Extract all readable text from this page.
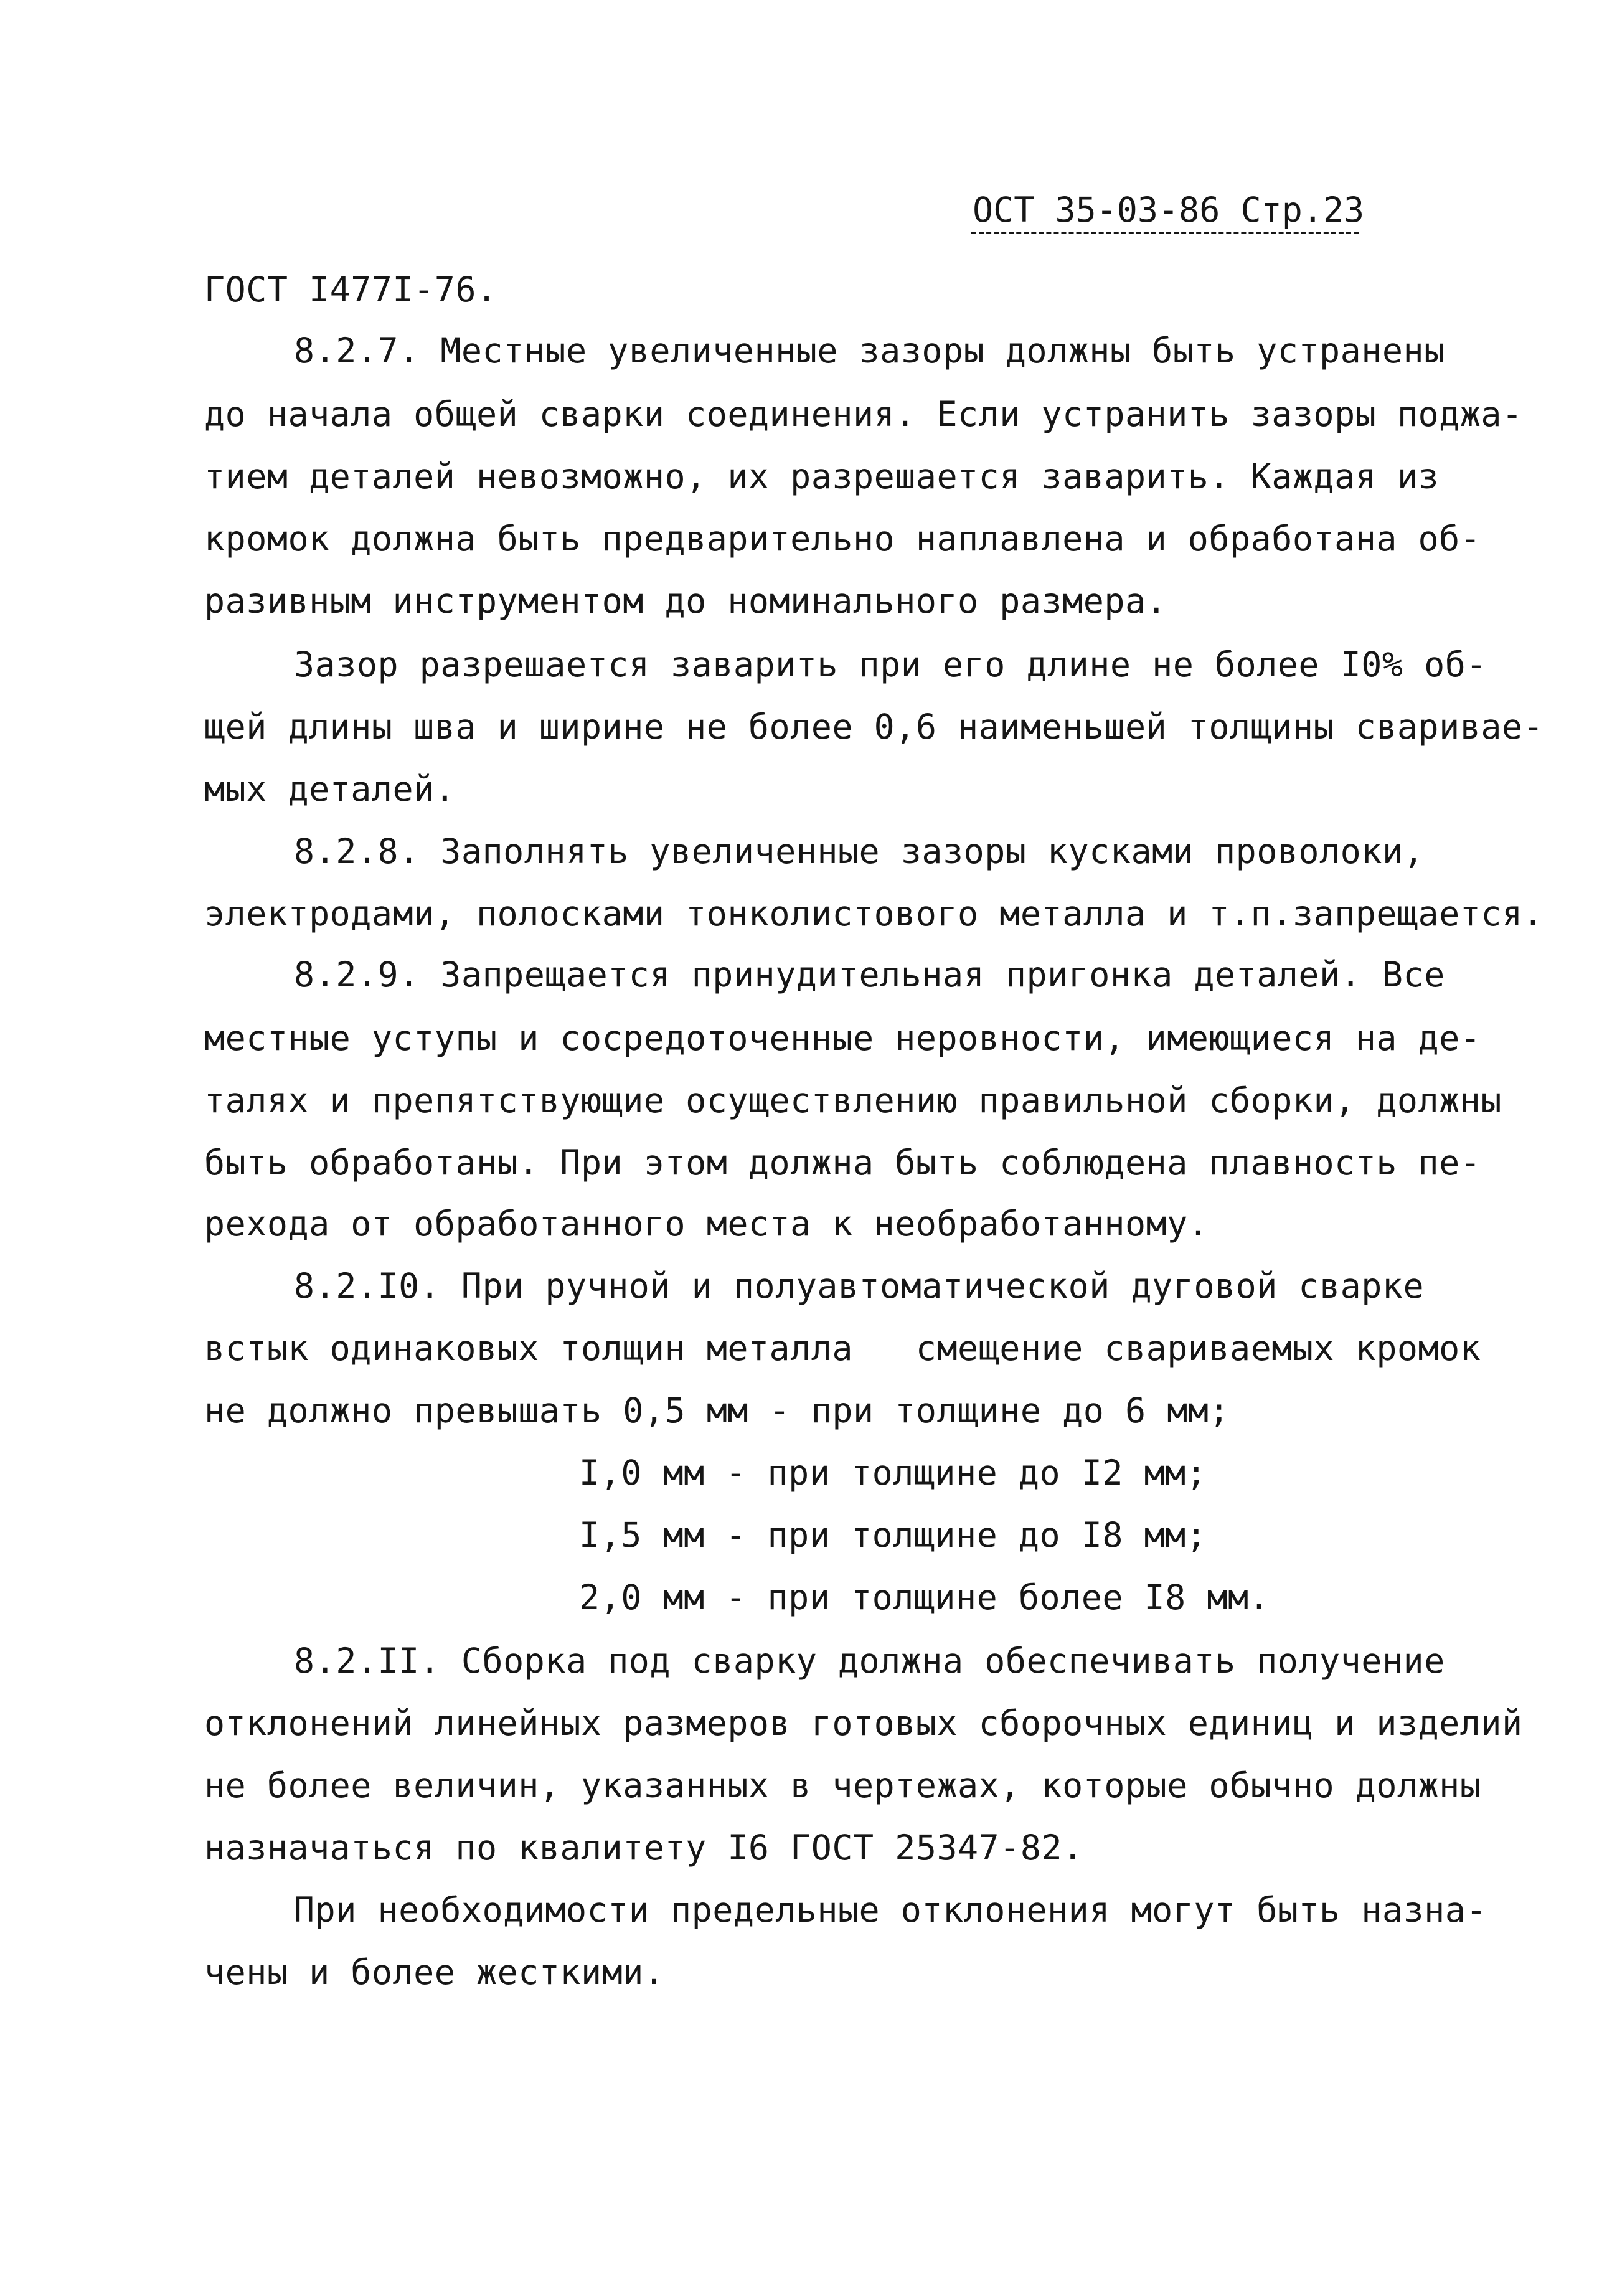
ОСТ 35-03-86 Стр.23
ГОСТ I477I-76.
8.2.7. Местные увеличенные зазоры должны быть устранены
до начала общей сварки соединения. Если устранить зазоры поджа-
тием деталей невозможно, их разрешается заварить. Каждая из
кромок должна быть предварительно наплавлена и обработана об-
разивным инструментом до номинального размера.
Зазор разрешается заварить при его длине не более I0% об-
щей длины шва и ширине не более 0,6 наименьшей толщины свариваe-
мых деталей.
8.2.8. Заполнять увеличенные зазоры кусками проволоки,
электродами, полосками тонколистового металла и т.п.запрещается.
8.2.9. Запрещается принудительная пригонка деталей. Все
местные уступы и сосредоточенные неровности, имеющиеся на де-
талях и препятствующие осуществлению правильной сборки, должны
быть обработаны. При этом должна быть соблюдена плавность пе-
рехода от обработанного места к необработанному.
8.2.I0. При ручной и полуавтоматической дуговой сварке
встык одинаковых толщин металла   смещение свариваемых кромок
не должно превышать 0,5 мм - при толщине до 6 мм;
I,0 мм - при толщине до I2 мм;
I,5 мм - при толщине до I8 мм;
2,0 мм - при толщине более I8 мм.
8.2.II. Сборка под сварку должна обеспечивать получение
отклонений линейных размеров готовых сборочных единиц и изделий
не более величин, указанных в чертежах, которые обычно должны
назначаться по квалитету I6 ГОСТ 25347-82.
При необходимости предельные отклонения могут быть назна-
чены и более жесткими.
